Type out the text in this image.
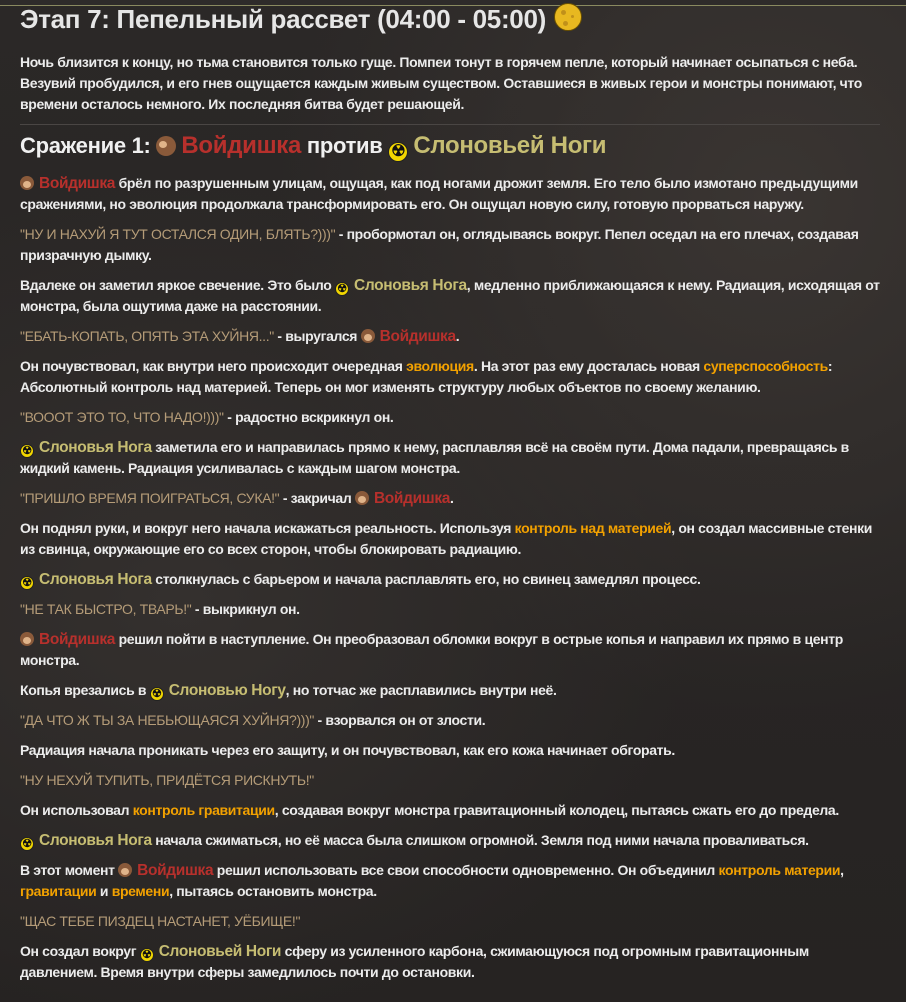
Этап 7: Пепельный рассвет (04:00 - 05:00)

Ночь близится к концу, но тьма становится только гуще. Помпеи тонут в горячем пепле, который начинает осыпаться с неба. Везувий пробудился, и его гнев ощущается каждым живым существом. Оставшиеся в живых герои и монстры понимают, что времени осталось немного. Их последняя битва будет решающей.

Сражение 1: Войдишка против ☢ Слоновьей Ноги

Войдишка брёл по разрушенным улицам, ощущая, как под ногами дрожит земля. Его тело было измотано предыдущими сражениями, но эволюция продолжала трансформировать его. Он ощущал новую силу, готовую прорваться наружу.

"НУ И НАХУЙ Я ТУТ ОСТАЛСЯ ОДИН, БЛЯТЬ?)))" - пробормотал он, оглядываясь вокруг. Пепел оседал на его плечах, создавая призрачную дымку.

Вдалеке он заметил яркое свечение. Это было ☢ Слоновья Нога, медленно приближающаяся к нему. Радиация, исходящая от монстра, была ощутима даже на расстоянии.

"ЕБАТЬ-КОПАТЬ, ОПЯТЬ ЭТА ХУЙНЯ..." - выругался Войдишка.

Он почувствовал, как внутри него происходит очередная эволюция. На этот раз ему досталась новая суперспособность: Абсолютный контроль над материей. Теперь он мог изменять структуру любых объектов по своему желанию.

"ВОООТ ЭТО ТО, ЧТО НАДО!)))" - радостно вскрикнул он.

☢ Слоновья Нога заметила его и направилась прямо к нему, расплавляя всё на своём пути. Дома падали, превращаясь в жидкий камень. Радиация усиливалась с каждым шагом монстра.

"ПРИШЛО ВРЕМЯ ПОИГРАТЬСЯ, СУКА!" - закричал Войдишка.

Он поднял руки, и вокруг него начала искажаться реальность. Используя контроль над материей, он создал массивные стенки из свинца, окружающие его со всех сторон, чтобы блокировать радиацию.

☢ Слоновья Нога столкнулась с барьером и начала расплавлять его, но свинец замедлял процесс.

"НЕ ТАК БЫСТРО, ТВАРЬ!" - выкрикнул он.

Войдишка решил пойти в наступление. Он преобразовал обломки вокруг в острые копья и направил их прямо в центр монстра.

Копья врезались в ☢ Слоновью Ногу, но тотчас же расплавились внутри неё.

"ДА ЧТО Ж ТЫ ЗА НЕБЬЮЩАЯСЯ ХУЙНЯ?)))" - взорвался он от злости.

Радиация начала проникать через его защиту, и он почувствовал, как его кожа начинает обгорать.

"НУ НЕХУЙ ТУПИТЬ, ПРИДЁТСЯ РИСКНУТЬ!"

Он использовал контроль гравитации, создавая вокруг монстра гравитационный колодец, пытаясь сжать его до предела.

☢ Слоновья Нога начала сжиматься, но её масса была слишком огромной. Земля под ними начала проваливаться.

В этот момент Войдишка решил использовать все свои способности одновременно. Он объединил контроль материи, гравитации и времени, пытаясь остановить монстра.

"ЩАС ТЕБЕ ПИЗДЕЦ НАСТАНЕТ, УЁБИЩЕ!"

Он создал вокруг ☢ Слоновьей Ноги сферу из усиленного карбона, сжимающуюся под огромным гравитационным давлением. Время внутри сферы замедлилось почти до остановки.
